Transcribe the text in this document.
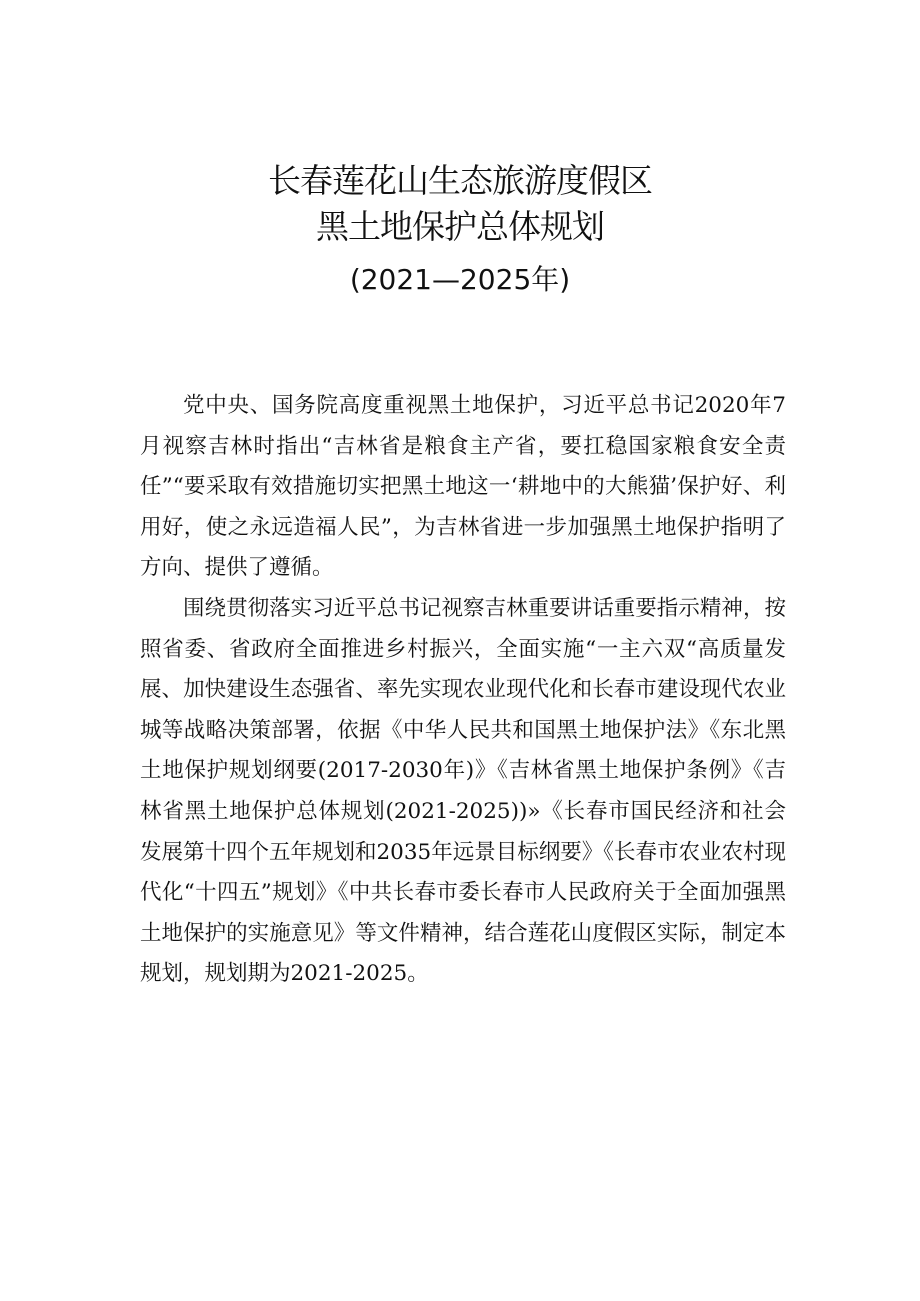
长春莲花山生态旅游度假区
黑土地保护总体规划
(2021—2025年)

党中央、国务院高度重视黑土地保护，习近平总书记2020年7月视察吉林时指出“吉林省是粮食主产省，要扛稳国家粮食安全责任”“要采取有效措施切实把黑土地这一‘耕地中的大熊猫’保护好、利用好，使之永远造福人民”，为吉林省进一步加强黑土地保护指明了方向、提供了遵循。

围绕贯彻落实习近平总书记视察吉林重要讲话重要指示精神，按照省委、省政府全面推进乡村振兴，全面实施“一主六双“高质量发展、加快建设生态强省、率先实现农业现代化和长春市建设现代农业城等战略决策部署，依据《中华人民共和国黑土地保护法》《东北黑土地保护规划纲要(2017-2030年)》《吉林省黑土地保护条例》《吉林省黑土地保护总体规划(2021-2025))»《长春市国民经济和社会发展第十四个五年规划和2035年远景目标纲要》《长春市农业农村现代化“十四五”规划》《中共长春市委长春市人民政府关于全面加强黑土地保护的实施意见》等文件精神，结合莲花山度假区实际，制定本规划，规划期为2021-2025。
